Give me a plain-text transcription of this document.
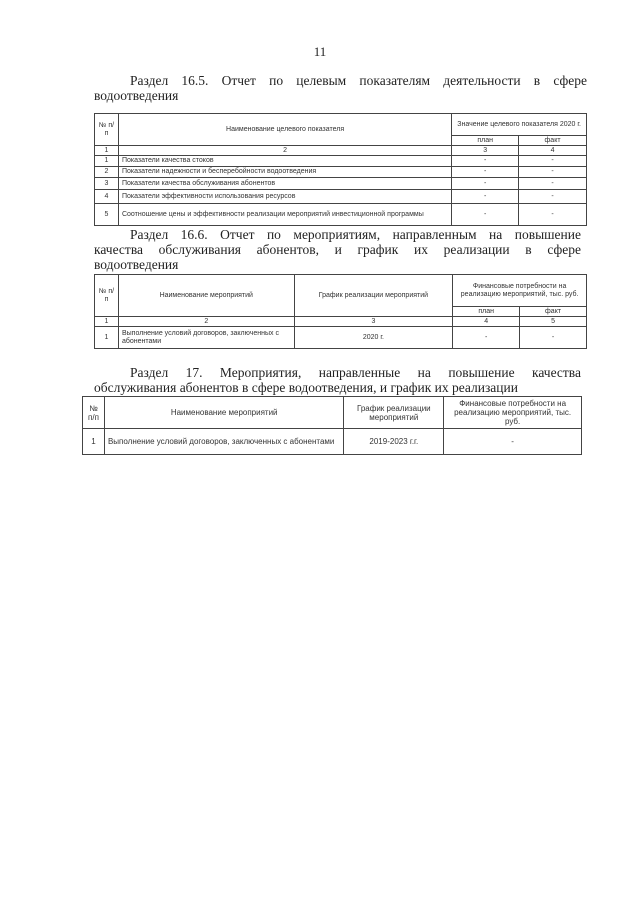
11
Раздел 16.5. Отчет по целевым показателям деятельности в сфере
водоотведения
№ п/п	Наименование целевого показателя	Значение целевого показателя 2020 г.	
		план	факт
1	2	3	4
1	Показатели качества стоков	-	-
2	Показатели надежности и бесперебойности водоотведения	-	-
3	Показатели качества обслуживания абонентов	-	-
4	Показатели эффективности использования ресурсов	-	-
5	Соотношение цены и эффективности реализации мероприятий инвестиционной программы	-	-
Раздел 16.6. Отчет по мероприятиям, направленным на повышение
качества обслуживания абонентов, и график их реализации в сфере
водоотведения
№ п/п	Наименование мероприятий	График реализации мероприятий	Финансовые потребности на реализацию мероприятий, тыс. руб.	
			план	факт
1	2	3	4	5
1	Выполнение условий договоров, заключенных с абонентами	2020 г.	-	-
Раздел 17. Мероприятия, направленные на повышение качества
обслуживания абонентов в сфере водоотведения, и график их реализации
№ п/п	Наименование мероприятий	График реализации мероприятий	Финансовые потребности на реализацию мероприятий, тыс. руб.
1	Выполнение условий договоров, заключенных с абонентами	2019-2023 г.г.	-
